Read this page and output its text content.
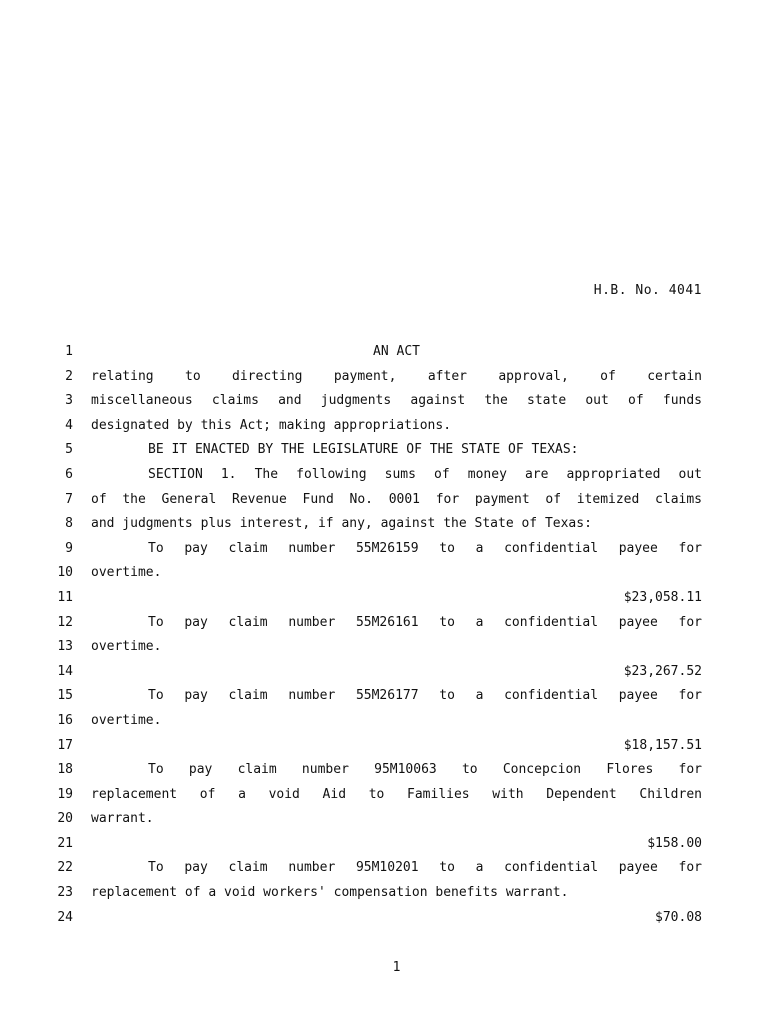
H.B. No. 4041
1	AN ACT
2 relating to directing payment, after approval, of certain
3 miscellaneous claims and judgments against the state out of funds
4 designated by this Act; making appropriations.
5	BE IT ENACTED BY THE LEGISLATURE OF THE STATE OF TEXAS:
6	SECTION 1. The following sums of money are appropriated out
7 of the General Revenue Fund No. 0001 for payment of itemized claims
8 and judgments plus interest, if any, against the State of Texas:
9	To pay claim number 55M26159 to a confidential payee for
10 overtime.
11	$23,058.11
12	To pay claim number 55M26161 to a confidential payee for
13 overtime.
14	$23,267.52
15	To pay claim number 55M26177 to a confidential payee for
16 overtime.
17	$18,157.51
18	To pay claim number 95M10063 to Concepcion Flores for
19 replacement of a void Aid to Families with Dependent Children
20 warrant.
21	$158.00
22	To pay claim number 95M10201 to a confidential payee for
23 replacement of a void workers' compensation benefits warrant.
24	$70.08
1
